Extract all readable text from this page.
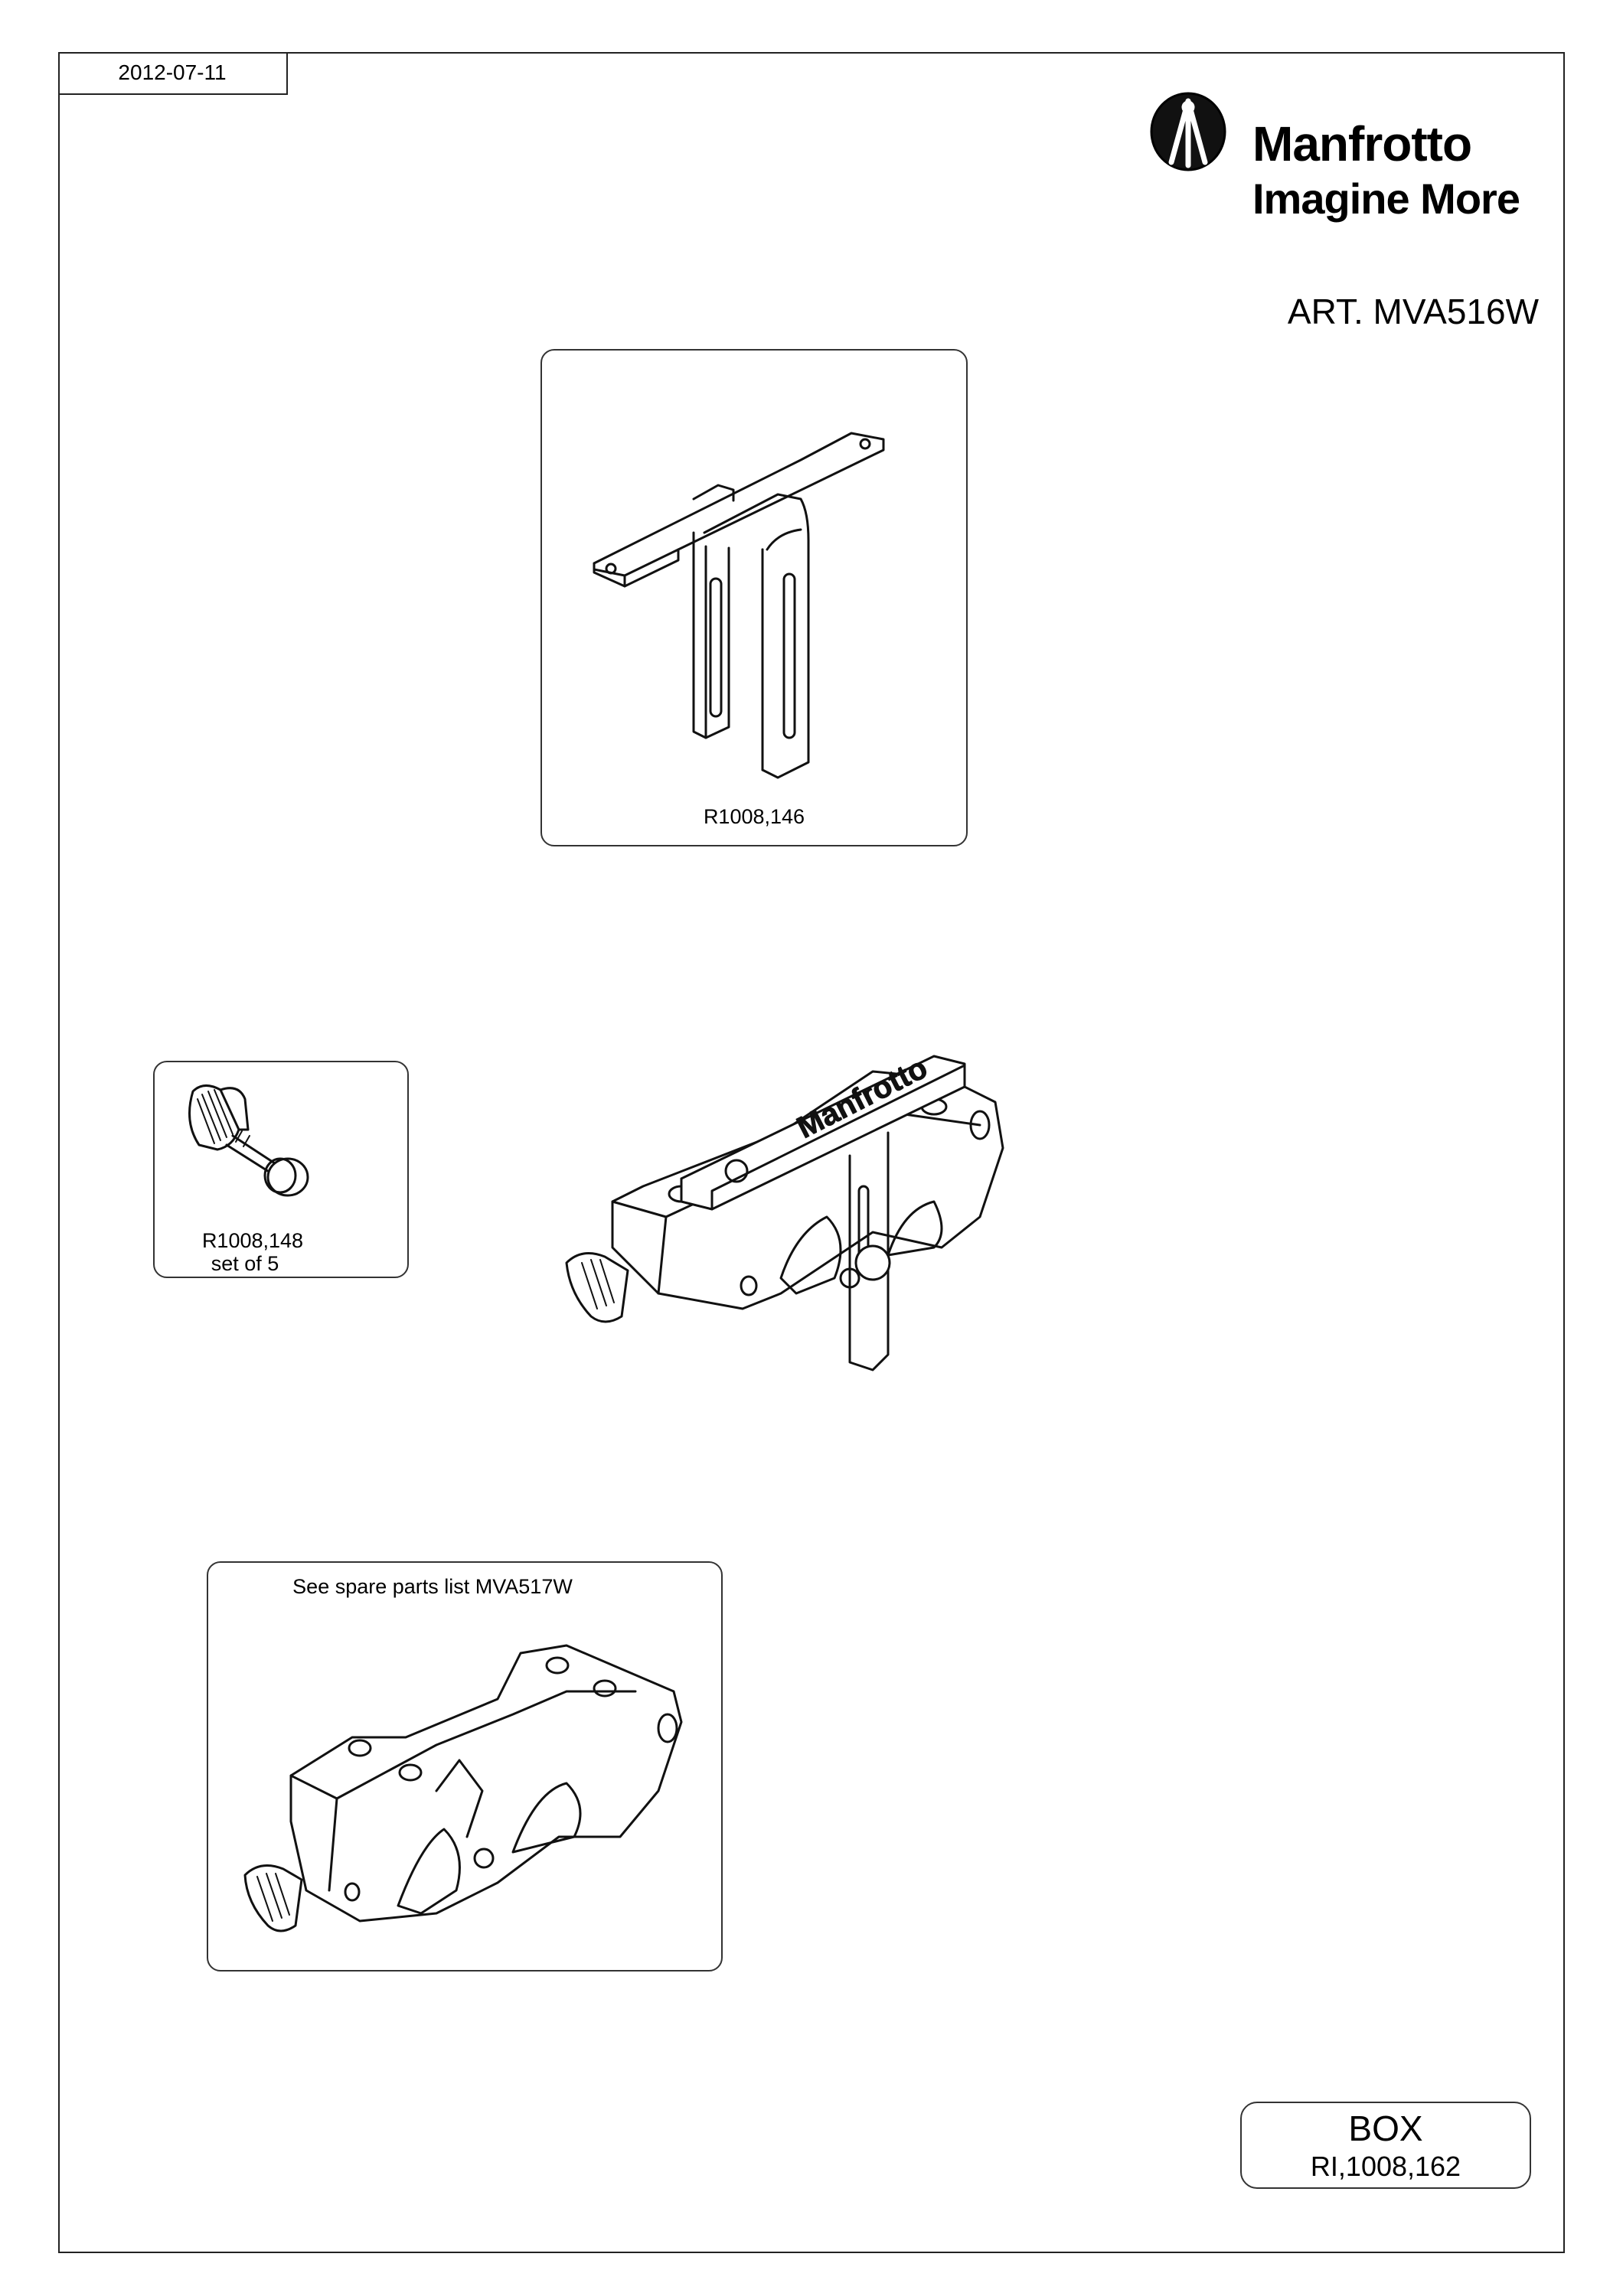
2012-07-11
Manfrotto
Imagine More
ART. MVA516W
R1008,146
R1008,148
set of 5
Manfrotto
See spare parts list MVA517W
BOX
RI,1008,162
